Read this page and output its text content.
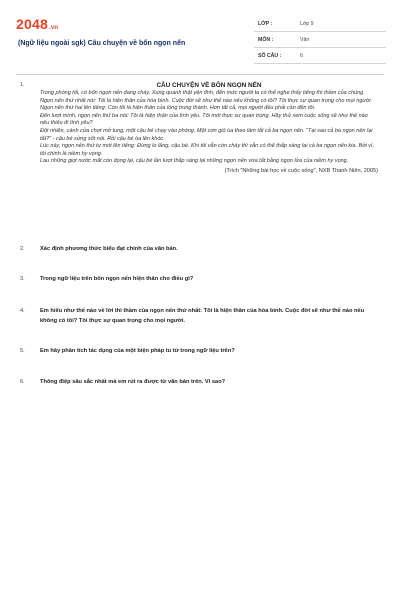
2048.vn
(Ngữ liệu ngoài sgk) Câu chuyện về bốn ngọn nến
LỚP :	Lớp 9
MÔN :	Văn
SỐ CÂU :	6
1.	CÂU CHUYỆN VỀ BỐN NGỌN NẾN

Trong phòng tối, có bốn ngọn nến đang cháy. Xung quanh thật yên tĩnh, đến mức người ta có thể nghe thấy tiếng thì thầm của chúng.

Ngọn nến thứ nhất nói: Tôi là hiện thân của hòa bình. Cuộc đời sẽ như thế nào nếu không có tôi? Tôi thực sự quan trọng cho mọi người.

Ngọn nến thứ hai lên tiếng: Còn tôi là hiện thân của lòng trung thành. Hơn tất cả, mọi người đều phải cần đến tôi.

Đến lượt mình, ngọn nến thứ ba nói: Tôi là hiện thân của tình yêu. Tôi mới thực sự quan trọng. Hãy thử xem cuộc sống sẽ như thế nào nếu thiếu đi tình yêu?

Đột nhiên, cánh cửa chợt mở tung, một cậu bé chạy vào phòng. Một cơn gió ùa theo làm tắt cả ba ngọn nến. "Tại sao cả ba ngọn nến lại tắt?" - cậu bé sửng sốt nói. Rồi cậu bé òa lên khóc.

Lúc này, ngọn nến thứ tư mới lên tiếng: Đừng lo lắng, cậu bé. Khi tôi vẫn còn cháy thì vẫn có thể thắp sáng lại cả ba ngọn nến kia. Bởi vì, tôi chính là niềm hy vọng.

Lau những giọt nước mắt còn đọng lại, cậu bé lần lượt thắp sáng lại những ngọn nến vừa tắt bằng ngọn lửa của niềm hy vọng.

(Trích "Những bài học về cuộc sống", NXB Thanh Niên, 2005)
2.	Xác định phương thức biểu đạt chính của văn bản.
3.	Trong ngữ liệu trên bốn ngọn nến hiện thân cho điều gì?
4.	Em hiểu như thế nào về lời thì thầm của ngọn nến thứ nhất: Tôi là hiện thân của hòa bình. Cuộc đời sẽ như thế nào nếu không có tôi? Tôi thực sự quan trọng cho mọi người.
5.	Em hãy phân tích tác dụng của một biện pháp tu từ trong ngữ liệu trên?
6.	Thông điệp sâu sắc nhất mà em rút ra được từ văn bản trên. Vì sao?
